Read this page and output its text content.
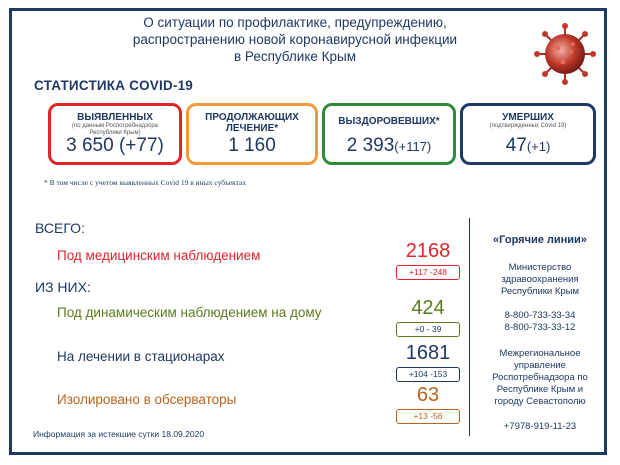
О ситуации по профилактике, предупреждению,
распространению новой коронавирусной инфекции
в Республике Крым
СТАТИСТИКА COVID-19
ВЫЯВЛЕННЫХ
(по данным Роспотребнадзора Республики Крым)
3 650 (+77)
ПРОДОЛЖАЮЩИХ ЛЕЧЕНИЕ*
1 160
ВЫЗДОРОВЕВШИХ*
2 393(+117)
УМЕРШИХ
(подтвержденных Covid 19)
47(+1)
* В том числе с учетом выявленных Covid 19 в иных субъектах
ВСЕГО:
ИЗ НИХ:
Под медицинским наблюдением	2168
+117 -248
Под динамическим наблюдением на дому	424
+0 - 39
На лечении в стационарах	1681
+104 -153
Изолировано в обсерваторы	63
+13 -56
«Горячие линии»
Министерство
здравоохранения
Республики Крым
8-800-733-33-34
8-800-733-33-12
Межрегиональное
управление
Роспотребнадзора по
Республике Крым и
городу Севастополю
+7978-919-11-23
Информация за истекшие сутки 18.09.2020
